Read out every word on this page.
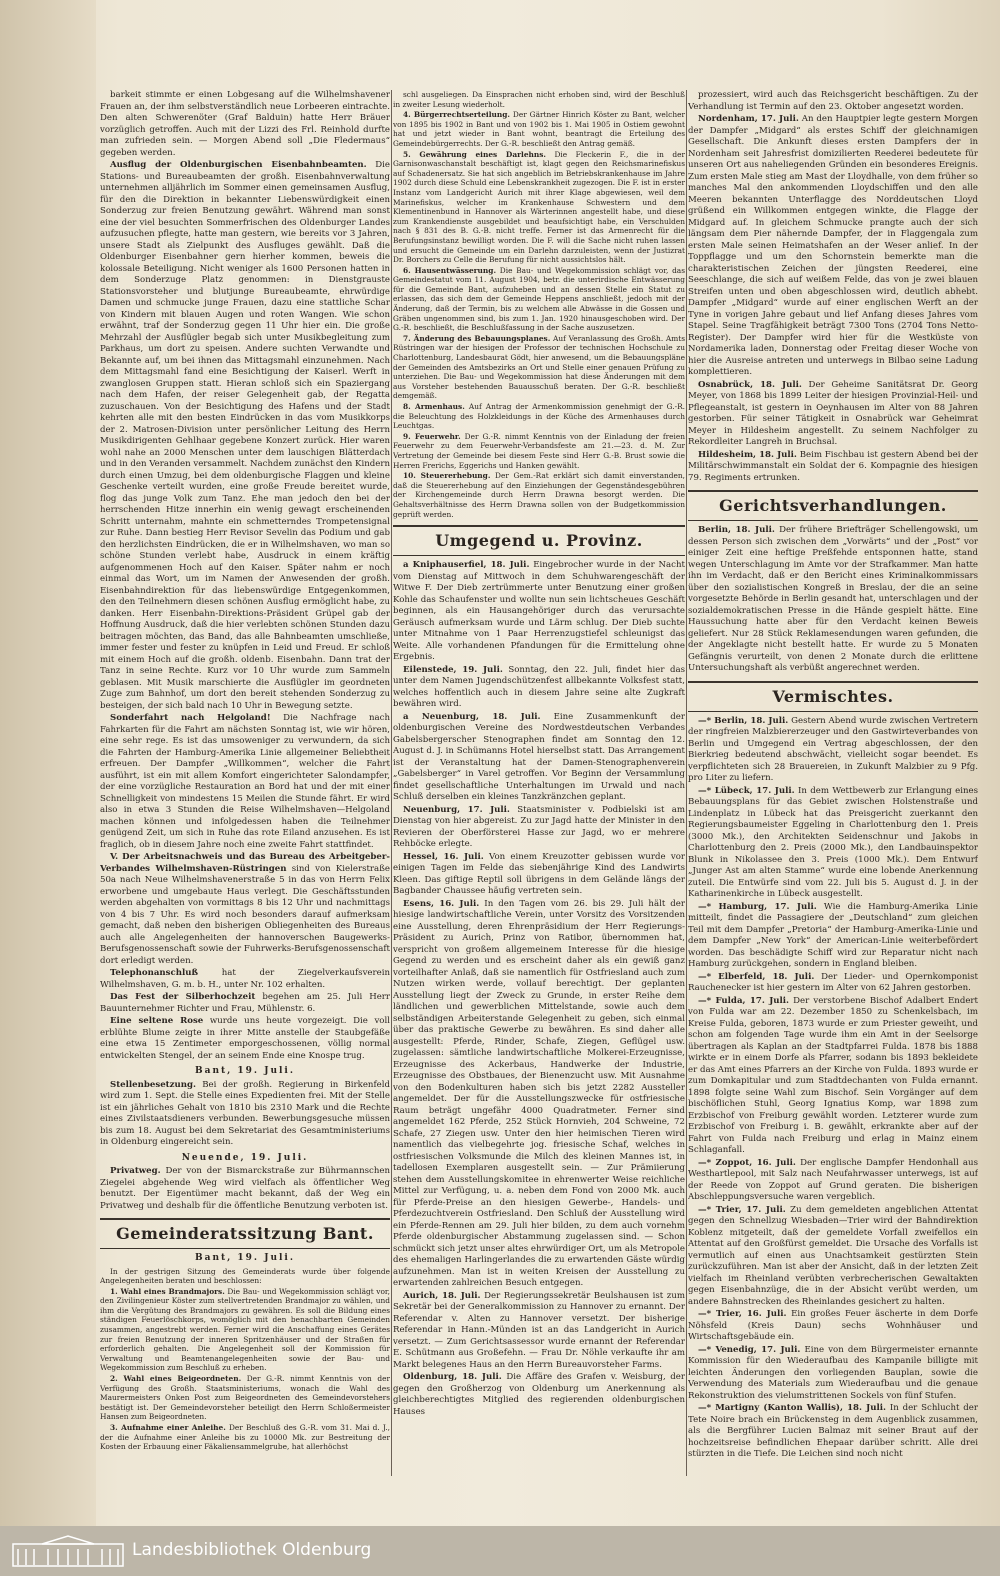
barkeit stimmte er einen Lobgesang auf die Wilhelmshavener Frauen an, der ihm selbstverständlich neue Lorbeeren eintrachte. Den alten Schwerenöter (Graf Balduin) hatte Herr Bräuer vorzüglich getroffen. Auch mit der Lizzi des Frl. Reinhold durfte man zufrieden sein. — Morgen Abend soll „Die Fledermaus“ gegeben werden.

Ausflug der Oldenburgischen Eisenbahnbeamten. Die Stations- und Bureaubeamten der großh. Eisenbahnverwaltung unternehmen alljährlich im Sommer einen gemeinsamen Ausflug, für den die Direktion in bekannter Liebenswürdigkeit einen Sonderzug zur freien Benutzung gewährt. Während man sonst eine der viel besuchten Sommerfrischen des Oldenburger Landes aufzusuchen pflegte, hatte man gestern, wie bereits vor 3 Jahren, unsere Stadt als Zielpunkt des Ausfluges gewählt. Daß die Oldenburger Eisenbahner gern hierher kommen, beweis die kolossale Beteiligung. Nicht weniger als 1600 Personen hatten in dem Sonderzuge Platz genommen: in Dienstgrauste Stationsvorsteher und blutjunge Bureaubeamte, ehrwürdige Damen und schmucke junge Frauen, dazu eine stattliche Schar von Kindern mit blauen Augen und roten Wangen. Wie schon erwähnt, traf der Sonderzug gegen 11 Uhr hier ein. Die große Mehrzahl der Ausflügler begab sich unter Musikbegleitung zum Parkhaus, um dort zu speisen. Andere suchten Verwandte und Bekannte auf, um bei ihnen das Mittagsmahl einzunehmen. Nach dem Mittagsmahl fand eine Besichtigung der Kaiserl. Werft in zwanglosen Gruppen statt. Hieran schloß sich ein Spaziergang nach dem Hafen, der reiser Gelegenheit gab, der Regatta zuzuschauen. Von der Besichtigung des Hafens und der Stadt kehrten alle mit den besten Eindrücken in das vom Musikkorps der 2. Matrosen-Division unter persönlicher Leitung des Herrn Musikdirigenten Gehlhaar gegebene Konzert zurück. Hier waren wohl nahe an 2000 Menschen unter dem lauschigen Blätterdach und in den Veranden versammelt. Nachdem zunächst den Kindern durch einen Umzug, bei dem oldenburgische Flaggen und kleine Geschenke verteilt wurden, eine große Freude bereitet wurde, flog das junge Volk zum Tanz. Ehe man jedoch den bei der herrschenden Hitze innerhin ein wenig gewagt erscheinenden Schritt unternahm, mahnte ein schmetterndes Trompetensignal zur Ruhe. Dann bestieg Herr Revisor Sevelin das Podium und gab den herzlichsten Eindrücken, die er in Wilhelmshaven, wo man so schöne Stunden verlebt habe, Ausdruck in einem kräftig aufgenommenen Hoch auf den Kaiser. Später nahm er noch einmal das Wort, um im Namen der Anwesenden der großh. Eisenbahndirektion für das liebenswürdige Entgegenkommen, den den Teilnehmern diesen schönen Ausflug ermöglicht habe, zu danken. Herr Eisenbahn-Direktions-Präsident Grüpel gab der Hoffnung Ausdruck, daß die hier verlebten schönen Stunden dazu beitragen möchten, das Band, das alle Bahnbeamten umschließe, immer fester und fester zu knüpfen in Leid und Freud. Er schloß mit einem Hoch auf die großh. oldenb. Eisenbahn. Dann trat der Tanz in seine Rechte. Kurz vor 10 Uhr wurde zum Sammeln geblasen. Mit Musik marschierte die Ausflügler im geordneten Zuge zum Bahnhof, um dort den bereit stehenden Sonderzug zu besteigen, der sich bald nach 10 Uhr in Bewegung setzte.

Sonderfahrt nach Helgoland! Die Nachfrage nach Fahrkarten für die Fahrt am nächsten Sonntag ist, wie wir hören, eine sehr rege. Es ist das umsoweniger zu verwundern, da sich die Fahrten der Hamburg-Amerika Linie allgemeiner Beliebtheit erfreuen. Der Dampfer „Willkommen“, welcher die Fahrt ausführt, ist ein mit allem Komfort eingerichteter Salondampfer, der eine vorzügliche Restauration an Bord hat und der mit einer Schnelligkeit von mindestens 15 Meilen die Stunde fährt. Er wird also in etwa 3 Stunden die Reise Wilhelmshaven—Helgoland machen können und infolgedessen haben die Teilnehmer genügend Zeit, um sich in Ruhe das rote Eiland anzusehen. Es ist fraglich, ob in diesem Jahre noch eine zweite Fahrt stattfindet.

V. Der Arbeitsnachweis und das Bureau des Arbeitgeber-Verbandes Wilhelmshaven-Rüstringen sind von Kielerstraße 50a nach Neue Wilhelmshavenerstraße 5 in das von Herrn Felix erworbene und umgebaute Haus verlegt. Die Geschäftsstunden werden abgehalten von vormittags 8 bis 12 Uhr und nachmittags von 4 bis 7 Uhr. Es wird noch besonders darauf aufmerksam gemacht, daß neben den bisherigen Obliegenheiten des Bureaus auch alle Angelegenheiten der hannoverschen Baugewerks-Berufsgenossenschaft sowie der Fuhrwerks-Berufsgenossenschaft dort erledigt werden.

Telephonanschluß hat der Ziegelverkaufsverein Wilhelmshaven, G. m. b. H., unter Nr. 102 erhalten.

Das Fest der Silberhochzeit begehen am 25. Juli Herr Bauunternehmer Richter und Frau, Mühlenstr. 6.

Eine seltene Rose wurde uns heute vorgezeigt. Die voll erblühte Blume zeigte in ihrer Mitte anstelle der Staubgefäße eine etwa 15 Zentimeter emporgeschossenen, völlig normal entwickelten Stengel, der an seinem Ende eine Knospe trug.

Bant, 19. Juli.

Stellenbesetzung. Bei der großh. Regierung in Birkenfeld wird zum 1. Sept. die Stelle eines Expedienten frei. Mit der Stelle ist ein jährliches Gehalt von 1810 bis 2310 Mark und die Rechte eines Zivilstaatsdieners verbunden. Bewerbungsgesuche müssen bis zum 18. August bei dem Sekretariat des Gesamtministeriums in Oldenburg eingereicht sein.

Neuende, 19. Juli.

Privatweg. Der von der Bismarckstraße zur Bührmannschen Ziegelei abgehende Weg wird vielfach als öffentlicher Weg benutzt. Der Eigentümer macht bekannt, daß der Weg ein Privatweg und deshalb für die öffentliche Benutzung verboten ist.

Gemeinderatssitzung Bant.
Bant, 19. Juli.

In der gestrigen Sitzung des Gemeinderats wurde über folgende Angelegenheiten beraten und beschlossen:

1. Wahl eines Brandmajors. Die Bau- und Wegekommission schlägt vor, den Zivilingenieur Köster zum stellvertretenden Brandmajor zu wählen, und ihm die Vergütung des Brandmajors zu gewähren. Es soll die Bildung eines ständigen Feuerlöschkorps, womöglich mit den benachbarten Gemeinden zusammen, angestrebt werden. Ferner wird die Anschaffung eines Gerätes zur freien Benutzung der inneren Spritzenhäuser und der Straßen für erforderlich gehalten. Die Angelegenheit soll der Kommission für Verwaltung und Beamtenangelegenheiten sowie der Bau- und Wegekommission zum Beschluß zu erheben.

2. Wahl eines Beigeordneten. Der G.-R. nimmt Kenntnis von der Verfügung des Großh. Staatsministeriums, wonach die Wahl des Maurermeisters Onken Post zum Beigeordneten des Gemeindevorstehers bestätigt ist. Der Gemeindevorsteher beteiligt den Herrn Schloßermeister Hansen zum Beigeordneten.

3. Aufnahme einer Anleihe. Der Beschluß des G.-R. vom 31. Mai d. J., der die Aufnahme einer Anleihe bis zu 10000 Mk. zur Bestreitung der Kosten der Erbauung einer Fäkaliensammelgrube, hat allerhöchst

schl ausgeliegen. Da Einsprachen nicht erhoben sind, wird der Beschluß in zweiter Lesung wiederholt.

4. Bürgerrechtserteilung. Der Gärtner Hinrich Köster zu Bant, welcher von 1895 bis 1902 in Bant und von 1902 bis 1. Mai 1905 in Ostiem gewohnt hat und jetzt wieder in Bant wohnt, beantragt die Erteilung des Gemeindebürgerrechts. Der G.-R. beschließt den Antrag gemäß.

5. Gewährung eines Darlehns. Die Fleckerin F., die in der Garnisonwaschanstalt beschäftigt ist, klagt gegen den Reichsmarinefiskus auf Schadenersatz. Sie hat sich angeblich im Betriebskrankenhause im Jahre 1902 durch diese Schuld eine Lebenskrankheit zugezogen. Die F. ist in erster Instanz vom Landgericht Aurich mit ihrer Klage abgewiesen, weil dem Marinefiskus, welcher im Krankenhause Schwestern und dem Klementinenbund in Hannover als Wärterinnen angestellt habe, und diese zum Krankendienste ausgebildet und beaufsichtigt habe, ein Verschulden nach § 831 des B. G.-B. nicht treffe. Ferner ist das Armenrecht für die Berufungsinstanz bewilligt worden. Die F. will die Sache nicht ruhen lassen und ersucht die Gemeinde um ein Darlehn darzuleisten, wenn der Justizrat Dr. Borchers zu Celle die Berufung für nicht aussichtslos hält.

6. Hausentwässerung. Die Bau- und Wegekommission schlägt vor, das Gemeindestatut vom 11. August 1904, betr. die unterirdische Entwässerung für die Gemeinde Bant, aufzuheben und an dessen Stelle ein Statut zu erlassen, das sich dem der Gemeinde Heppens anschließt, jedoch mit der Änderung, daß der Termin, bis zu welchem alle Abwässe in die Gossen und Gräben ungenommen sind, bis zum 1. Jan. 1920 hinausgeschoben wird. Der G.-R. beschließt, die Beschlußfassung in der Sache auszusetzen.

7. Änderung des Bebauungsplanes. Auf Veranlassung des Großh. Amts Rüstringen war der hiesigen der Professor der technischen Hochschule zu Charlottenburg, Landesbaurat Gödt, hier anwesend, um die Bebauungspläne der Gemeinden des Amtsbezirks an Ort und Stelle einer genauen Prüfung zu unterziehen. Die Bau- und Wegekommission hat diese Änderungen mit dem aus Vorsteher bestehenden Bauausschuß beraten. Der G.-R. beschließt demgemäß.

8. Armenhaus. Auf Antrag der Armenkommission genehmigt der G.-R. die Beleuchtung des Holzkleidungs in der Küche des Armenhauses durch Leuchtgas.

9. Feuerwehr. Der G.-R. nimmt Kenntnis von der Einladung der freien Feuerwehr zu dem Feuerwehr-Verbandsfeste am 21.—23. d. M. Zur Vertretung der Gemeinde bei diesem Feste sind Herr G.-B. Brust sowie die Herren Frerichs, Eggerichs und Hanken gewählt.

10. Steuererhebung. Der Gem.-Rat erklärt sich damit einverstanden, daß die Steuererhebung auf den Einziehungen der Gegenständesgebühren der Kirchengemeinde durch Herrn Drawna besorgt werden. Die Gehaltsverhältnisse des Herrn Drawna sollen von der Budgetkommission geprüft werden.

Umgegend u. Provinz.

a Kniphauserfiel, 18. Juli. Eingebrocher wurde in der Nacht vom Dienstag auf Mittwoch in dem Schuhwarengeschäft der Witwe F. Der Dieb zertrümmerte unter Benutzung einer großen Kohle das Schaufenster und wollte nun sein lichtscheues Geschäft beginnen, als ein Hausangehöriger durch das verursachte Geräusch aufmerksam wurde und Lärm schlug. Der Dieb suchte unter Mitnahme von 1 Paar Herrenzugstiefel schleunigst das Weite. Alle vorhandenen Pfandungen für die Ermittelung ohne Ergebnis.

Eilenstede, 19. Juli. Sonntag, den 22. Juli, findet hier das unter dem Namen Jugendschützenfest allbekannte Volksfest statt, welches hoffentlich auch in diesem Jahre seine alte Zugkraft bewähren wird.

a Neuenburg, 18. Juli. Eine Zusammenkunft der oldenburgischen Vereine des Nordwestdeutschen Verbandes Gabelsbergerscher Stenographen findet am Sonntag den 12. August d. J. in Schümanns Hotel hierselbst statt. Das Arrangement ist der Veranstaltung hat der Damen-Stenographenverein „Gabelsberger“ in Varel getroffen. Vor Beginn der Versammlung findet gesellschaftliche Unterhaltungen im Urwald und nach Schluß derselben ein kleines Tanzkränzchen geplant.

Neuenburg, 17. Juli. Staatsminister v. Podbielski ist am Dienstag von hier abgereist. Zu zur Jagd hatte der Minister in den Revieren der Oberförsterei Hasse zur Jagd, wo er mehrere Rehböcke erlegte.

Hessel, 16. Juli. Von einem Kreuzotter gebissen wurde vor einigen Tagen im Felde das siebenjährige Kind des Landwirts Kleen. Das giftige Reptil soll übrigens in dem Gelände längs der Bagbander Chaussee häufig vertreten sein.

Esens, 16. Juli. In den Tagen vom 26. bis 29. Juli hält der hiesige landwirtschaftliche Verein, unter Vorsitz des Vorsitzenden eine Ausstellung, deren Ehrenpräsidium der Herr Regierungs-Präsident zu Aurich, Prinz von Ratibor, übernommen hat, verspricht von großem allgemeinem Interesse für die hiesige Gegend zu werden und es erscheint daher als ein gewiß ganz vorteilhafter Anlaß, daß sie namentlich für Ostfriesland auch zum Nutzen wirken werde, vollauf berechtigt. Der geplanten Ausstellung liegt der Zweck zu Grunde, in erster Reihe dem ländlichen und gewerblichen Mittelstande, sowie auch dem selbständigen Arbeiterstande Gelegenheit zu geben, sich einmal über das praktische Gewerbe zu bewähren. Es sind daher alle ausgestellt: Pferde, Rinder, Schafe, Ziegen, Geflügel usw. zugelassen: sämtliche landwirtschaftliche Molkerei-Erzeugnisse, Erzeugnisse des Ackerbaus, Handwerke der Industrie, Erzeugnisse des Obstbaues, der Bienenzucht usw. Mit Ausnahme von den Bodenkulturen haben sich bis jetzt 2282 Aussteller angemeldet. Der für die Ausstellungszwecke für ostfriesische Raum beträgt ungefähr 4000 Quadratmeter. Ferner sind angemeldet 162 Pferde, 252 Stück Hornvieh, 204 Schweine, 72 Schafe, 27 Ziegen usw. Unter den hier heimischen Tieren wird namentlich das vielbegehrte jog. friesische Schaf, welches in ostfriesischen Volksmunde die Milch des kleinen Mannes ist, in tadellosen Exemplaren ausgestellt sein. — Zur Prämiierung stehen dem Ausstellungskomitee in ehrenwerter Weise reichliche Mittel zur Verfügung, u. a. neben dem Fond von 2000 Mk. auch für Pferde-Preise an den hiesigen Gewerbe-, Handels- und Pferdezuchtverein Ostfriesland. Den Schluß der Ausstellung wird ein Pferde-Rennen am 29. Juli hier bilden, zu dem auch vornehm Pferde oldenburgischer Abstammung zugelassen sind. — Schon schmückt sich jetzt unser altes ehrwürdiger Ort, um als Metropole des ehemaligen Harlingerlandes die zu erwartenden Gäste würdig aufzunehmen. Man ist in weiten Kreisen der Ausstellung zu erwartenden zahlreichen Besuch entgegen.

Aurich, 18. Juli. Der Regierungssekretär Beulshausen ist zum Sekretär bei der Generalkommission zu Hannover zu ernannt. Der Referendar v. Alten zu Hannover versetzt. Der bisherige Referendar in Hann.-Münden ist an das Landgericht in Aurich versetzt. — Zum Gerichtsassessor wurde ernannt der Referendar E. Schütmann aus Großefehn. — Frau Dr. Nöhle verkaufte ihr am Markt belegenes Haus an den Herrn Bureauvorsteher Farms.

Oldenburg, 18. Juli. Die Affäre des Grafen v. Weisburg, der gegen den Großherzog von Oldenburg um Anerkennung als gleichberechtigtes Mitglied des regierenden oldenburgischen Hauses

prozessiert, wird auch das Reichsgericht beschäftigen. Zu der Verhandlung ist Termin auf den 23. Oktober angesetzt worden.

Nordenham, 17. Juli. An den Hauptpier legte gestern Morgen der Dampfer „Midgard“ als erstes Schiff der gleichnamigen Gesellschaft. Die Ankunft dieses ersten Dampfers der in Nordenham seit Jahresfrist domizilierten Reederei bedeutete für unseren Ort aus naheliegenden Gründen ein besonderes Ereignis. Zum ersten Male stieg am Mast der Lloydhalle, von dem früher so manches Mal den ankommenden Lloydschiffen und den alle Meeren bekannten Unterflagge des Norddeutschen Lloyd grüßend ein Willkommen entgegen winkte, die Flagge der Midgard auf. In gleichem Schmucke prangte auch der sich längsam dem Pier nähernde Dampfer, der in Flaggengala zum ersten Male seinen Heimatshafen an der Weser anlief. In der Toppflagge und um den Schornstein bemerkte man die charakteristischen Zeichen der jüngsten Reederei, eine Seeschlange, die sich auf weißem Felde, das von je zwei blauen Streifen unten und oben abgeschlossen wird, deutlich abhebt. Dampfer „Midgard“ wurde auf einer englischen Werft an der Tyne in vorigen Jahre gebaut und lief Anfang dieses Jahres vom Stapel. Seine Tragfähigkeit beträgt 7300 Tons (2704 Tons Netto-Register). Der Dampfer wird hier für die Westküste von Nordamerika laden, Donnerstag oder Freitag dieser Woche von hier die Ausreise antreten und unterwegs in Bilbao seine Ladung komplettieren.

Osnabrück, 18. Juli. Der Geheime Sanitätsrat Dr. Georg Meyer, von 1868 bis 1899 Leiter der hiesigen Provinzial-Heil- und Pflegeanstalt, ist gestern in Oeynhausen im Alter von 88 Jahren gestorben. Für seiner Tätigkeit in Osnabrück war Geheimrat Meyer in Hildesheim angestellt. Zu seinem Nachfolger zu Rekordleiter Langreh in Bruchsal.

Hildesheim, 18. Juli. Beim Fischbau ist gestern Abend bei der Militärschwimmanstalt ein Soldat der 6. Kompagnie des hiesigen 79. Regiments ertrunken.

Gerichtsverhandlungen.

Berlin, 18. Juli. Der frühere Briefträger Schellengowski, um dessen Person sich zwischen dem „Vorwärts“ und der „Post“ vor einiger Zeit eine heftige Preßfehde entsponnen hatte, stand wegen Unterschlagung im Amte vor der Strafkammer. Man hatte ihn im Verdacht, daß er den Bericht eines Kriminalkommissars über den sozialistischen Kongreß in Breslau, der die an seine vorgesetzte Behörde in Berlin gesandt hat, unterschlagen und der sozialdemokratischen Presse in die Hände gespielt hätte. Eine Haussuchung hatte aber für den Verdacht keinen Beweis geliefert. Nur 28 Stück Reklamesendungen waren gefunden, die der Angeklagte nicht bestellt hatte. Er wurde zu 5 Monaten Gefängnis verurteilt, von denen 2 Monate durch die erlittene Untersuchungshaft als verbüßt angerechnet werden.

Vermischtes.

—* Berlin, 18. Juli. Gestern Abend wurde zwischen Vertretern der ringfreien Malzbiererzeuger und den Gastwirteverbandes von Berlin und Umgegend ein Vertrag abgeschlossen, der den Bierkrieg bedeutend abschwächt, vielleicht sogar beendet. Es verpflichteten sich 28 Brauereien, in Zukunft Malzbier zu 9 Pfg. pro Liter zu liefern.

—* Lübeck, 17. Juli. In dem Wettbewerb zur Erlangung eines Bebauungsplans für das Gebiet zwischen Holstenstraße und Lindenplatz in Lübeck hat das Preisgericht zuerkannt den Regierungsbaumeister Eggeling in Charlottenburg den 1. Preis (3000 Mk.), den Architekten Seidenschnur und Jakobs in Charlottenburg den 2. Preis (2000 Mk.), den Landbauinspektor Blunk in Nikolassee den 3. Preis (1000 Mk.). Dem Entwurf „Junger Ast am alten Stamme“ wurde eine lobende Anerkennung zuteil. Die Entwürfe sind vom 22. Juli bis 5. August d. J. in der Katharinenkirche in Lübeck ausgestellt.

—* Hamburg, 17. Juli. Wie die Hamburg-Amerika Linie mitteilt, findet die Passagiere der „Deutschland“ zum gleichen Teil mit dem Dampfer „Pretoria“ der Hamburg-Amerika-Linie und dem Dampfer „New York“ der American-Linie weiterbefördert worden. Das beschädigte Schiff wird zur Reparatur nicht nach Hamburg zurückgehen, sondern in England bleiben.

—* Elberfeld, 18. Juli. Der Lieder- und Opernkomponist Rauchenecker ist hier gestern im Alter von 62 Jahren gestorben.

—* Fulda, 17. Juli. Der verstorbene Bischof Adalbert Endert von Fulda war am 22. Dezember 1850 zu Schenkelsbach, im Kreise Fulda, geboren, 1873 wurde er zum Priester geweiht, und schon am folgenden Tage wurde ihm ein Amt in der Seelsorge übertragen als Kaplan an der Stadtpfarrei Fulda. 1878 bis 1888 wirkte er in einem Dorfe als Pfarrer, sodann bis 1893 bekleidete er das Amt eines Pfarrers an der Kirche von Fulda. 1893 wurde er zum Domkapitular und zum Stadtdechanten von Fulda ernannt. 1898 folgte seine Wahl zum Bischof. Sein Vorgänger auf dem bischöflichen Stuhl, Georg Ignatius Komp, war 1898 zum Erzbischof von Freiburg gewählt worden. Letzterer wurde zum Erzbischof von Freiburg i. B. gewählt, erkrankte aber auf der Fahrt von Fulda nach Freiburg und erlag in Mainz einem Schlaganfall.

—* Zoppot, 16. Juli. Der englische Dampfer Hendonhall aus Westhartlepool, mit Salz nach Neufahrwasser unterwegs, ist auf der Reede von Zoppot auf Grund geraten. Die bisherigen Abschleppungsversuche waren vergeblich.

—* Trier, 17. Juli. Zu dem gemeldeten angeblichen Attentat gegen den Schnellzug Wiesbaden—Trier wird der Bahndirektion Koblenz mitgeteilt, daß der gemeldete Vorfall zweifellos ein Attentat auf den Großfürst gemeldet. Die Ursache des Vorfalls ist vermutlich auf einen aus Unachtsamkeit gestürzten Stein zurückzuführen. Man ist aber der Ansicht, daß in der letzten Zeit vielfach im Rheinland verübten verbrecherischen Gewaltakten gegen Eisenbahnzüge, die in der Absicht verübt werden, um andere Bahnstrecken des Rheinlandes gesichert zu halten.

—* Trier, 16. Juli. Ein großes Feuer äscherte in dem Dorfe Nöhsfeld (Kreis Daun) sechs Wohnhäuser und Wirtschaftsgebäude ein.

—* Venedig, 17. Juli. Eine von dem Bürgermeister ernannte Kommission für den Wiederaufbau des Kampanile billigte mit leichten Änderungen den vorliegenden Bauplan, sowie die Verwendung des Materials zum Wiederaufbau und die genaue Rekonstruktion des vielumstrittenen Sockels von fünf Stufen.

—* Martigny (Kanton Wallis), 18. Juli. In der Schlucht der Tete Noire brach ein Brückensteg in dem Augenblick zusammen, als die Bergführer Lucien Balmaz mit seiner Braut auf der hochzeitsreise befindlichen Ehepaar darüber schritt. Alle drei stürzten in die Tiefe. Die Leichen sind noch nicht

Landesbibliothek Oldenburg
